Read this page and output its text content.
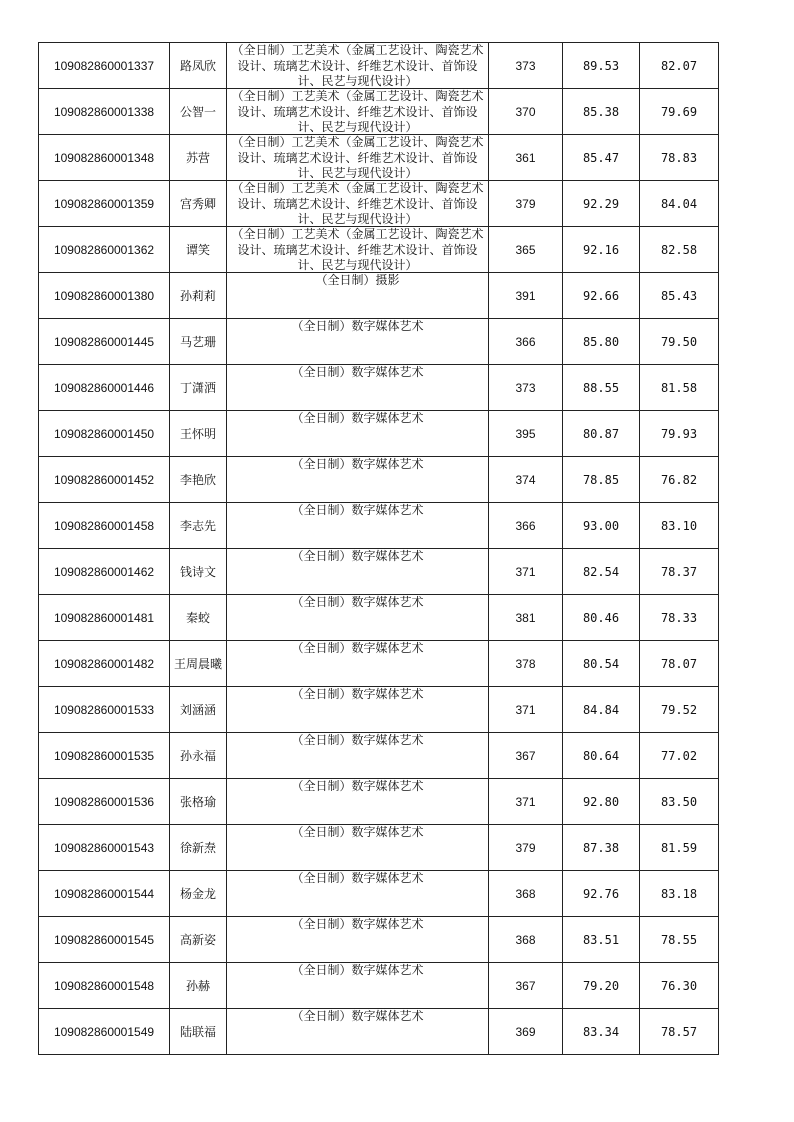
109082860001337	路凤欣	（全日制）工艺美术（金属工艺设计、陶瓷艺术设计、琉璃艺术设计、纤维艺术设计、首饰设计、民艺与现代设计）	373	89.53	82.07
109082860001338	公智一	（全日制）工艺美术（金属工艺设计、陶瓷艺术设计、琉璃艺术设计、纤维艺术设计、首饰设计、民艺与现代设计）	370	85.38	79.69
109082860001348	苏营	（全日制）工艺美术（金属工艺设计、陶瓷艺术设计、琉璃艺术设计、纤维艺术设计、首饰设计、民艺与现代设计）	361	85.47	78.83
109082860001359	宫秀卿	（全日制）工艺美术（金属工艺设计、陶瓷艺术设计、琉璃艺术设计、纤维艺术设计、首饰设计、民艺与现代设计）	379	92.29	84.04
109082860001362	谭笑	（全日制）工艺美术（金属工艺设计、陶瓷艺术设计、琉璃艺术设计、纤维艺术设计、首饰设计、民艺与现代设计）	365	92.16	82.58
109082860001380	孙莉莉	（全日制）摄影	391	92.66	85.43
109082860001445	马艺珊	（全日制）数字媒体艺术	366	85.80	79.50
109082860001446	丁潇洒	（全日制）数字媒体艺术	373	88.55	81.58
109082860001450	王怀明	（全日制）数字媒体艺术	395	80.87	79.93
109082860001452	李艳欣	（全日制）数字媒体艺术	374	78.85	76.82
109082860001458	李志先	（全日制）数字媒体艺术	366	93.00	83.10
109082860001462	钱诗文	（全日制）数字媒体艺术	371	82.54	78.37
109082860001481	秦蛟	（全日制）数字媒体艺术	381	80.46	78.33
109082860001482	王周晨曦	（全日制）数字媒体艺术	378	80.54	78.07
109082860001533	刘涵涵	（全日制）数字媒体艺术	371	84.84	79.52
109082860001535	孙永福	（全日制）数字媒体艺术	367	80.64	77.02
109082860001536	张格瑜	（全日制）数字媒体艺术	371	92.80	83.50
109082860001543	徐新焘	（全日制）数字媒体艺术	379	87.38	81.59
109082860001544	杨金龙	（全日制）数字媒体艺术	368	92.76	83.18
109082860001545	高新姿	（全日制）数字媒体艺术	368	83.51	78.55
109082860001548	孙赫	（全日制）数字媒体艺术	367	79.20	76.30
109082860001549	陆联福	（全日制）数字媒体艺术	369	83.34	78.57
